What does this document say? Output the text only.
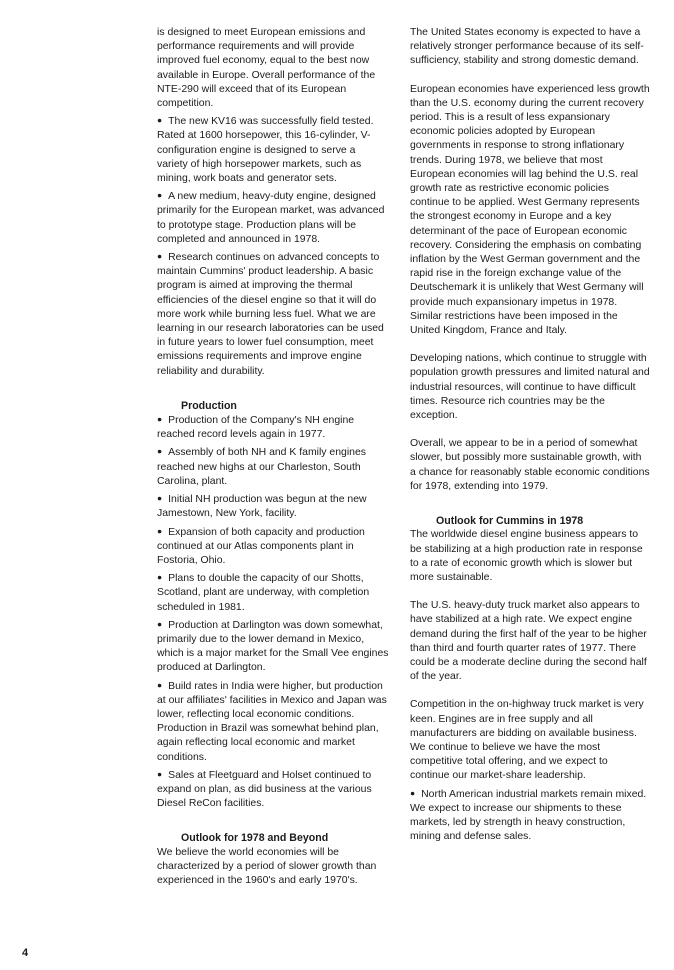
is designed to meet European emissions and performance requirements and will provide improved fuel economy, equal to the best now available in Europe. Overall performance of the NTE-290 will exceed that of its European competition.

● The new KV16 was successfully field tested. Rated at 1600 horsepower, this 16-cylinder, V-configuration engine is designed to serve a variety of high horsepower markets, such as mining, work boats and generator sets.

● A new medium, heavy-duty engine, designed primarily for the European market, was advanced to prototype stage. Production plans will be completed and announced in 1978.

● Research continues on advanced concepts to maintain Cummins' product leadership. A basic program is aimed at improving the thermal efficiencies of the diesel engine so that it will do more work while burning less fuel. What we are learning in our research laboratories can be used in future years to lower fuel consumption, meet emissions requirements and improve engine reliability and durability.

Production

● Production of the Company's NH engine reached record levels again in 1977.

● Assembly of both NH and K family engines reached new highs at our Charleston, South Carolina, plant.

● Initial NH production was begun at the new Jamestown, New York, facility.

● Expansion of both capacity and production continued at our Atlas components plant in Fostoria, Ohio.

● Plans to double the capacity of our Shotts, Scotland, plant are underway, with completion scheduled in 1981.

● Production at Darlington was down somewhat, primarily due to the lower demand in Mexico, which is a major market for the Small Vee engines produced at Darlington.

● Build rates in India were higher, but production at our affiliates' facilities in Mexico and Japan was lower, reflecting local economic conditions. Production in Brazil was somewhat behind plan, again reflecting local economic and market conditions.

● Sales at Fleetguard and Holset continued to expand on plan, as did business at the various Diesel ReCon facilities.

Outlook for 1978 and Beyond

We believe the world economies will be characterized by a period of slower growth than experienced in the 1960's and early 1970's.

The United States economy is expected to have a relatively stronger performance because of its self-sufficiency, stability and strong domestic demand.

European economies have experienced less growth than the U.S. economy during the current recovery period. This is a result of less expansionary economic policies adopted by European governments in response to strong inflationary trends. During 1978, we believe that most European economies will lag behind the U.S. real growth rate as restrictive economic policies continue to be applied. West Germany represents the strongest economy in Europe and a key determinant of the pace of European economic recovery. Considering the emphasis on combating inflation by the West German government and the rapid rise in the foreign exchange value of the Deutschemark it is unlikely that West Germany will provide much expansionary impetus in 1978. Similar restrictions have been imposed in the United Kingdom, France and Italy.

Developing nations, which continue to struggle with population growth pressures and limited natural and industrial resources, will continue to have difficult times. Resource rich countries may be the exception.

Overall, we appear to be in a period of somewhat slower, but possibly more sustainable growth, with a chance for reasonably stable economic conditions for 1978, extending into 1979.

Outlook for Cummins in 1978

The worldwide diesel engine business appears to be stabilizing at a high production rate in response to a rate of economic growth which is slower but more sustainable.

The U.S. heavy-duty truck market also appears to have stabilized at a high rate. We expect engine demand during the first half of the year to be higher than third and fourth quarter rates of 1977. There could be a moderate decline during the second half of the year.

Competition in the on-highway truck market is very keen. Engines are in free supply and all manufacturers are bidding on available business. We continue to believe we have the most competitive total offering, and we expect to continue our market-share leadership.

● North American industrial markets remain mixed. We expect to increase our shipments to these markets, led by strength in heavy construction, mining and defense sales.

4
